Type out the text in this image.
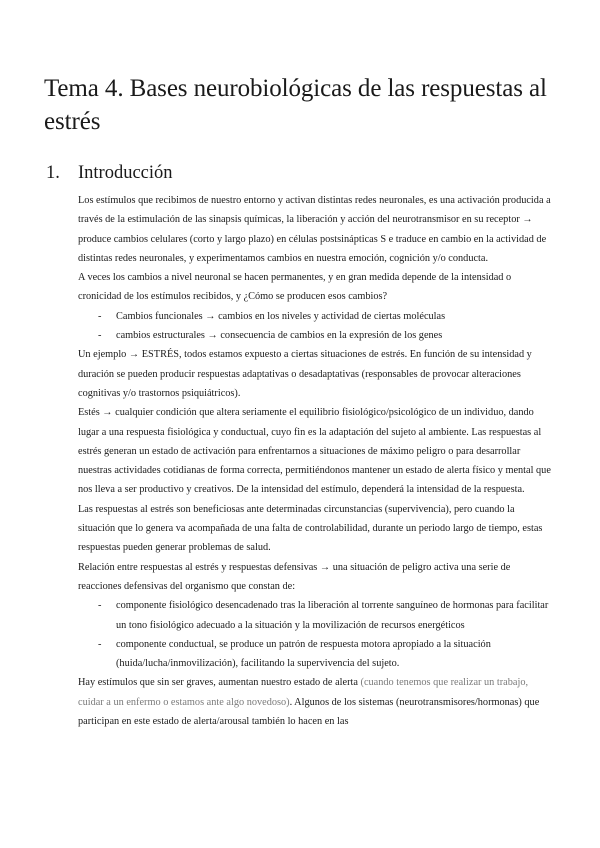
Tema 4. Bases neurobiológicas de las respuestas al estrés
1. Introducción

Los estímulos que recibimos de nuestro entorno y activan distintas redes neuronales, es una activación producida a través de la estimulación de las sinapsis químicas, la liberación y acción del neurotransmisor en su receptor → produce cambios celulares (corto y largo plazo) en células postsinápticas S e traduce en cambio en la actividad de distintas redes neuronales, y experimentamos cambios en nuestra emoción, cognición y/o conducta.

A veces los cambios a nivel neuronal se hacen permanentes, y en gran medida depende de la intensidad o cronicidad de los estímulos recibidos, y ¿Cómo se producen esos cambios?

- Cambios funcionales → cambios en los niveles y actividad de ciertas moléculas
- cambios estructurales → consecuencia de cambios en la expresión de los genes

Un ejemplo → ESTRÉS, todos estamos expuesto a ciertas situaciones de estrés. En función de su intensidad y duración se pueden producir respuestas adaptativas o desadaptativas (responsables de provocar alteraciones cognitivas y/o trastornos psiquiátricos).

Estés → cualquier condición que altera seriamente el equilibrio fisiológico/psicológico de un individuo, dando lugar a una respuesta fisiológica y conductual, cuyo fin es la adaptación del sujeto al ambiente. Las respuestas al estrés generan un estado de activación para enfrentarnos a situaciones de máximo peligro o para desarrollar nuestras actividades cotidianas de forma correcta, permitiéndonos mantener un estado de alerta físico y mental que nos lleva a ser productivo y creativos. De la intensidad del estímulo, dependerá la intensidad de la respuesta.

Las respuestas al estrés son beneficiosas ante determinadas circunstancias (supervivencia), pero cuando la situación que lo genera va acompañada de una falta de controlabilidad, durante un periodo largo de tiempo, estas respuestas pueden generar problemas de salud.

Relación entre respuestas al estrés y respuestas defensivas → una situación de peligro activa una serie de reacciones defensivas del organismo que constan de:

- componente fisiológico desencadenado tras la liberación al torrente sanguíneo de hormonas para facilitar un tono fisiológico adecuado a la situación y la movilización de recursos energéticos
- componente conductual, se produce un patrón de respuesta motora apropiado a la situación (huida/lucha/inmovilización), facilitando la supervivencia del sujeto.

Hay estímulos que sin ser graves, aumentan nuestro estado de alerta (cuando tenemos que realizar un trabajo, cuidar a un enfermo o estamos ante algo novedoso). Algunos de los sistemas (neurotransmisores/hormonas) que participan en este estado de alerta/arousal también lo hacen en las
